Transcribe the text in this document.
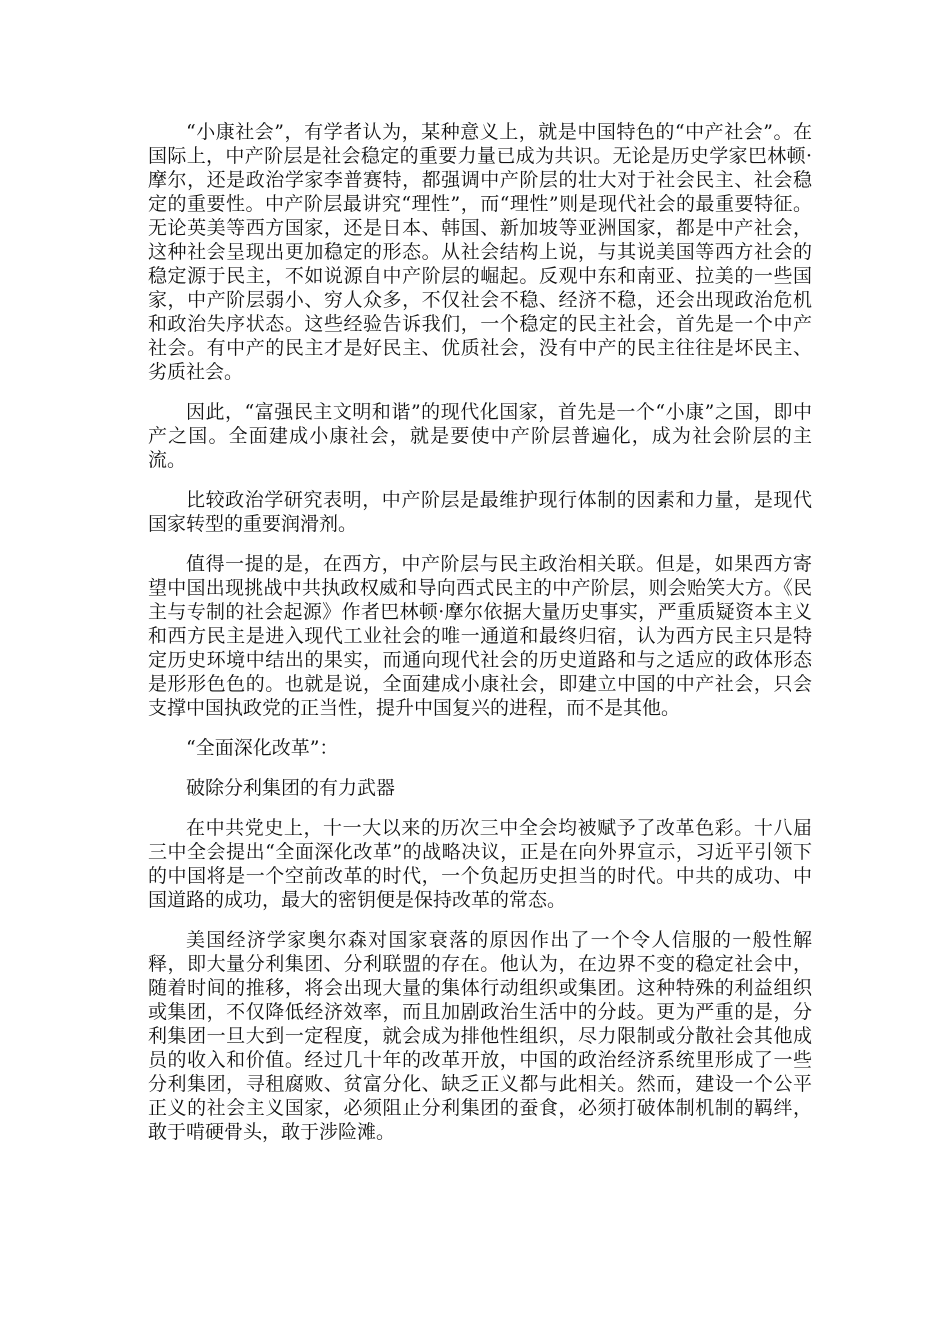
“小康社会”，有学者认为，某种意义上，就是中国特色的“中产社会”。在国际上，中产阶层是社会稳定的重要力量已成为共识。无论是历史学家巴林顿·摩尔，还是政治学家李普赛特，都强调中产阶层的壮大对于社会民主、社会稳定的重要性。中产阶层最讲究“理性”，而“理性”则是现代社会的最重要特征。无论英美等西方国家，还是日本、韩国、新加坡等亚洲国家，都是中产社会，这种社会呈现出更加稳定的形态。从社会结构上说，与其说美国等西方社会的稳定源于民主，不如说源自中产阶层的崛起。反观中东和南亚、拉美的一些国家，中产阶层弱小、穷人众多，不仅社会不稳、经济不稳，还会出现政治危机和政治失序状态。这些经验告诉我们，一个稳定的民主社会，首先是一个中产社会。有中产的民主才是好民主、优质社会，没有中产的民主往往是坏民主、劣质社会。

因此，“富强民主文明和谐”的现代化国家，首先是一个“小康”之国，即中产之国。全面建成小康社会，就是要使中产阶层普遍化，成为社会阶层的主流。

比较政治学研究表明，中产阶层是最维护现行体制的因素和力量，是现代国家转型的重要润滑剂。

值得一提的是，在西方，中产阶层与民主政治相关联。但是，如果西方寄望中国出现挑战中共执政权威和导向西式民主的中产阶层，则会贻笑大方。《民主与专制的社会起源》作者巴林顿·摩尔依据大量历史事实，严重质疑资本主义和西方民主是进入现代工业社会的唯一通道和最终归宿，认为西方民主只是特定历史环境中结出的果实，而通向现代社会的历史道路和与之适应的政体形态是形形色色的。也就是说，全面建成小康社会，即建立中国的中产社会，只会支撑中国执政党的正当性，提升中国复兴的进程，而不是其他。

“全面深化改革”：

破除分利集团的有力武器

在中共党史上，十一大以来的历次三中全会均被赋予了改革色彩。十八届三中全会提出“全面深化改革”的战略决议，正是在向外界宣示，习近平引领下的中国将是一个空前改革的时代，一个负起历史担当的时代。中共的成功、中国道路的成功，最大的密钥便是保持改革的常态。

美国经济学家奥尔森对国家衰落的原因作出了一个令人信服的一般性解释，即大量分利集团、分利联盟的存在。他认为，在边界不变的稳定社会中，随着时间的推移，将会出现大量的集体行动组织或集团。这种特殊的利益组织或集团，不仅降低经济效率，而且加剧政治生活中的分歧。更为严重的是，分利集团一旦大到一定程度，就会成为排他性组织，尽力限制或分散社会其他成员的收入和价值。经过几十年的改革开放，中国的政治经济系统里形成了一些分利集团，寻租腐败、贫富分化、缺乏正义都与此相关。然而，建设一个公平正义的社会主义国家，必须阻止分利集团的蚕食，必须打破体制机制的羁绊，敢于啃硬骨头，敢于涉险滩。
